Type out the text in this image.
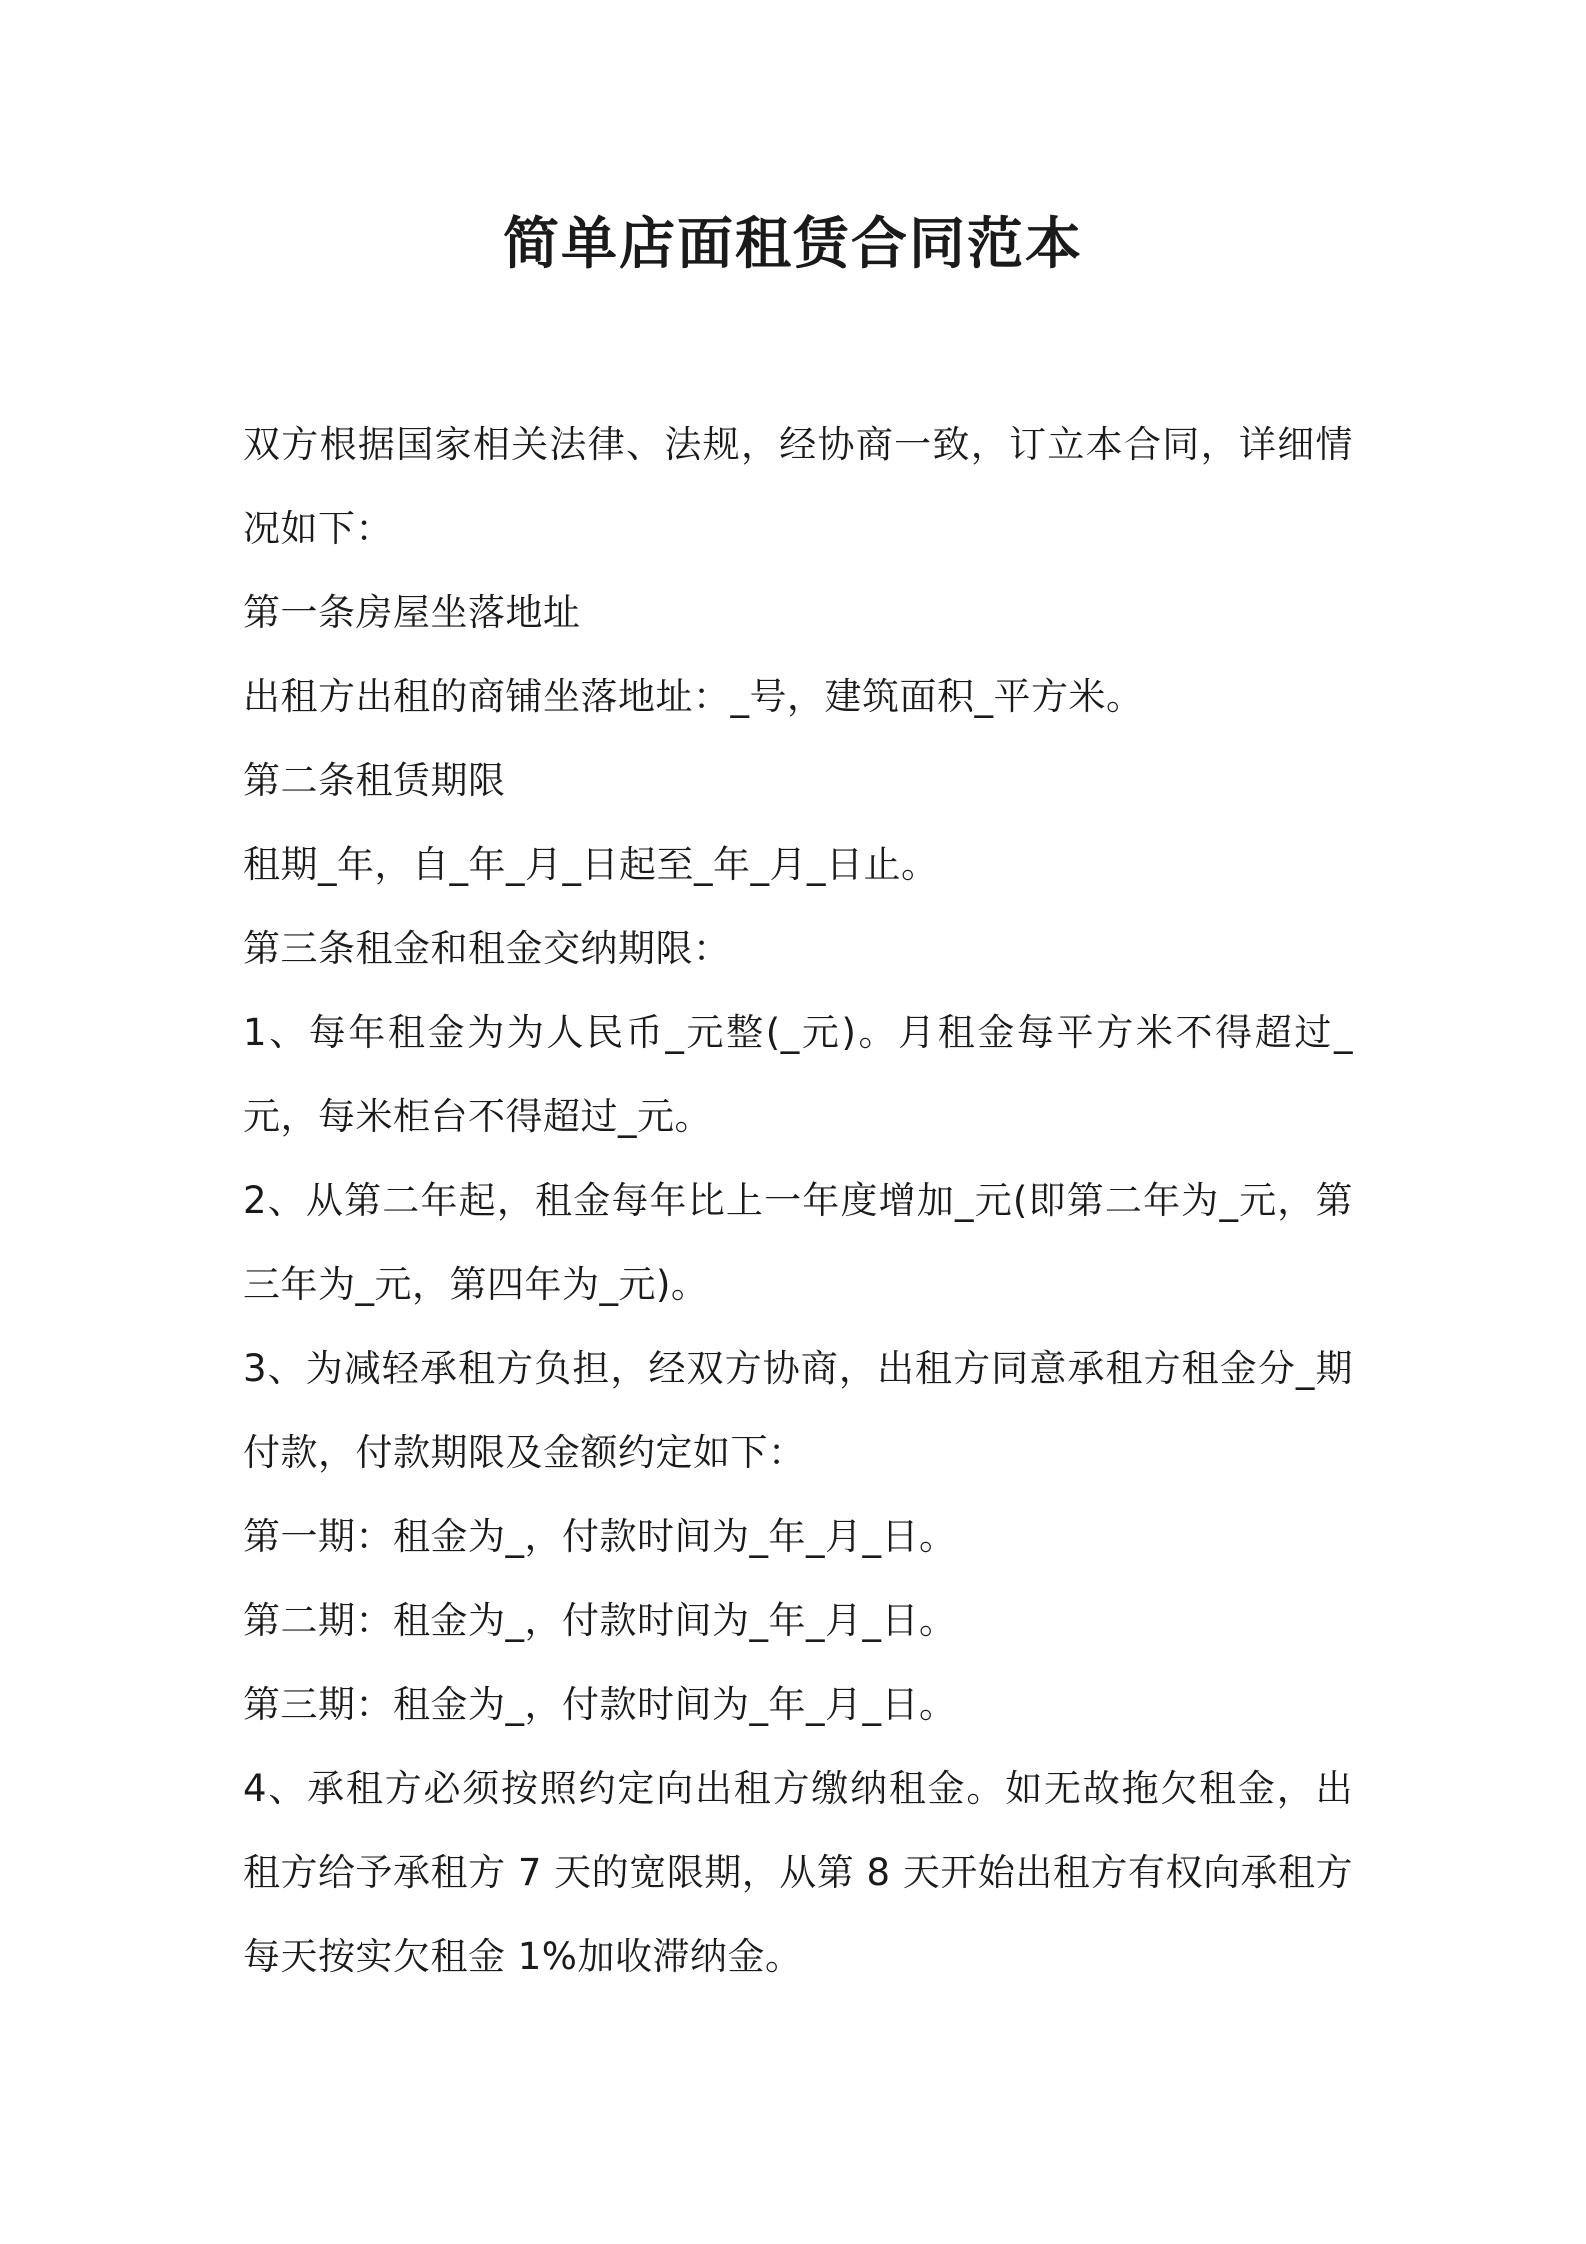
简单店面租赁合同范本

双方根据国家相关法律、法规，经协商一致，订立本合同，详细情况如下：

第一条房屋坐落地址

出租方出租的商铺坐落地址：_号，建筑面积_平方米。

第二条租赁期限

租期_年，自_年_月_日起至_年_月_日止。

第三条租金和租金交纳期限：

1、每年租金为为人民币_元整(_元)。月租金每平方米不得超过_元，每米柜台不得超过_元。

2、从第二年起，租金每年比上一年度增加_元(即第二年为_元，第三年为_元，第四年为_元)。

3、为减轻承租方负担，经双方协商，出租方同意承租方租金分_期付款，付款期限及金额约定如下：

第一期：租金为_，付款时间为_年_月_日。

第二期：租金为_，付款时间为_年_月_日。

第三期：租金为_，付款时间为_年_月_日。

4、承租方必须按照约定向出租方缴纳租金。如无故拖欠租金，出租方给予承租方 7 天的宽限期，从第 8 天开始出租方有权向承租方每天按实欠租金 1%加收滞纳金。
